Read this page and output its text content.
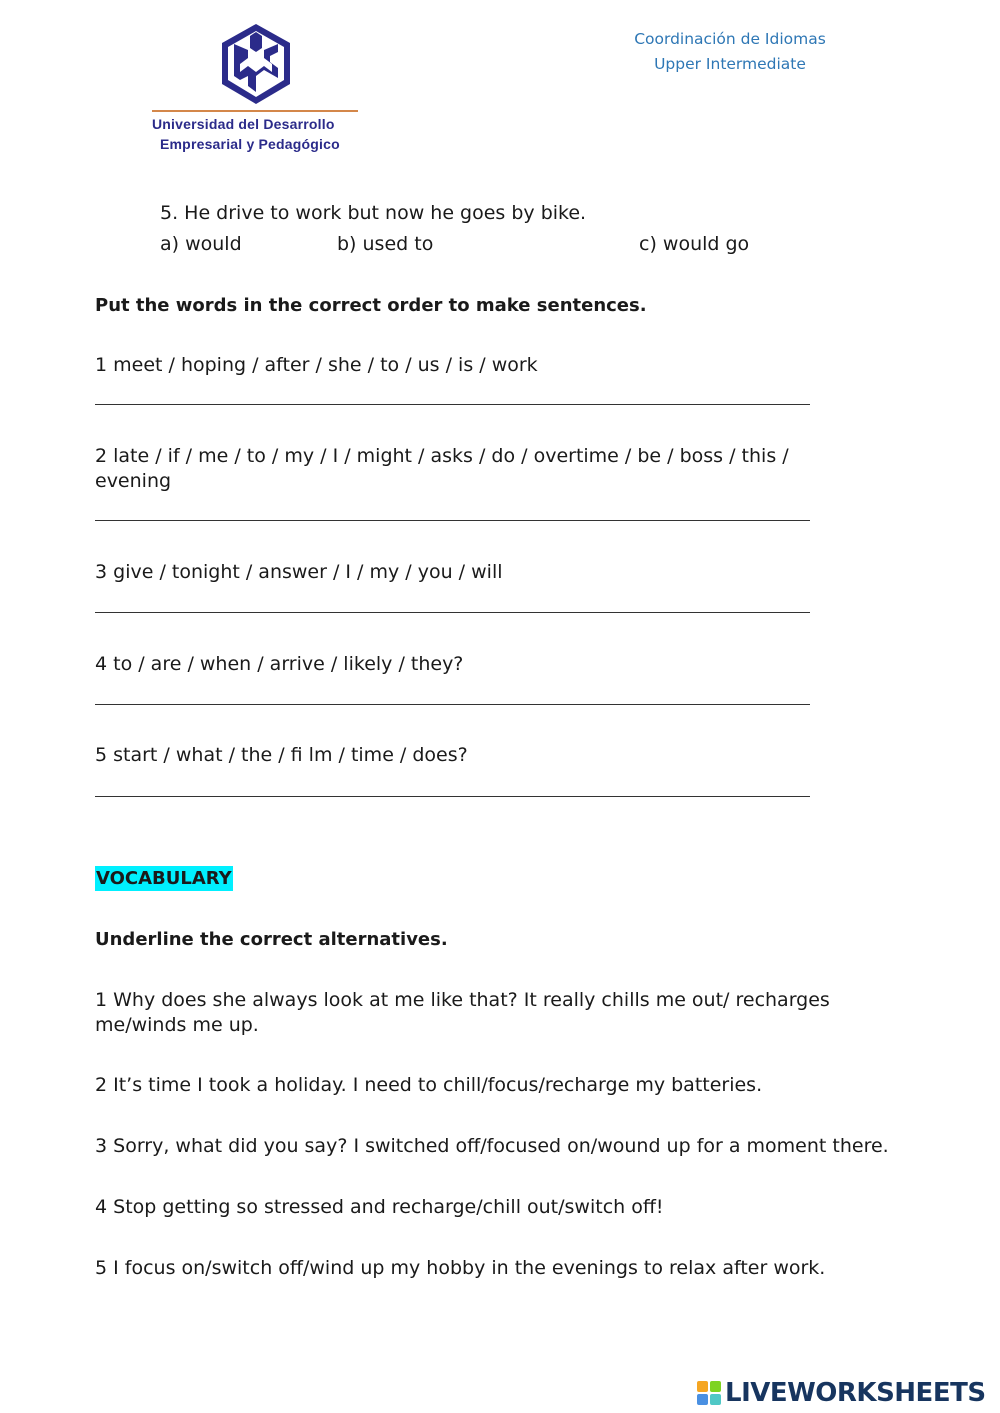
Universidad del Desarrollo
Empresarial y Pedagógico
Coordinación de Idiomas
Upper Intermediate
5. He drive to work but now he goes by bike.
a) would	b) used to	c) would go
Put the words in the correct order to make sentences.
1 meet / hoping / after / she / to / us / is / work
2 late / if / me / to / my / I / might / asks / do / overtime / be / boss / this / evening
3 give / tonight / answer / I / my / you / will
4 to / are / when / arrive / likely / they?
5 start / what / the / fi lm / time / does?
VOCABULARY
Underline the correct alternatives.
1 Why does she always look at me like that? It really chills me out/ recharges me/winds me up.
2 It’s time I took a holiday. I need to chill/focus/recharge my batteries.
3 Sorry, what did you say? I switched off/focused on/wound up for a moment there.
4 Stop getting so stressed and recharge/chill out/switch off!
5 I focus on/switch off/wind up my hobby in the evenings to relax after work.
LIVEWORKSHEETS
